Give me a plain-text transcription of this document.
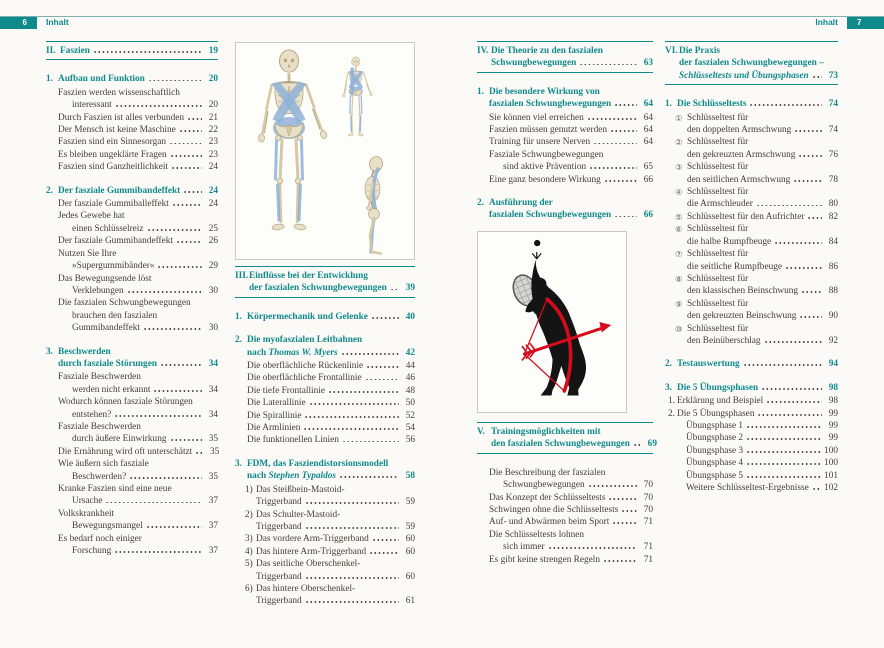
6 Inhalt	Inhalt 7
II. Faszien	19
1. Aufbau und Funktion	20
Faszien werden wissenschaftlich
interessant	20
Durch Faszien ist alles verbunden	21
Der Mensch ist keine Maschine	22
Faszien sind ein Sinnesorgan	23
Es bleiben ungeklärte Fragen	23
Faszien sind Ganzheitlichkeit	24
2. Der fasziale Gummibandeffekt	24
Der fasziale Gummiballeffekt	24
Jedes Gewebe hat
einen Schlüsselreiz	25
Der fasziale Gummibandeffekt	26
Nutzen Sie Ihre
»Supergummibänder«	29
Das Bewegungsende löst
Verklebungen	30
Die faszialen Schwungbewegungen
brauchen den faszialen
Gummibandeffekt	30
3. Beschwerden
durch fasziale Störungen	34
Fasziale Beschwerden
werden nicht erkannt	34
Wodurch können fasziale Störungen
entstehen?	34
Fasziale Beschwerden
durch äußere Einwirkung	35
Die Ernährung wird oft unterschätzt	35
Wie äußern sich fasziale
Beschwerden?	35
Kranke Faszien sind eine neue
Ursache	37
Volkskrankheit
Bewegungsmangel	37
Es bedarf noch einiger
Forschung	37
III. Einflüsse bei der Entwicklung
der faszialen Schwungbewegungen	39
1. Körpermechanik und Gelenke	40
2. Die myofaszialen Leitbahnen
nach Thomas W. Myers	42
Die oberflächliche Rückenlinie	44
Die oberflächliche Frontallinie	46
Die tiefe Frontallinie	48
Die Laterallinie	50
Die Spirallinie	52
Die Armlinien	54
Die funktionellen Linien	56
3. FDM, das Fasziendistorsionsmodell
nach Stephen Typaldos	58
1) Das Steißbein-Mastoid-
Triggerband	59
2) Das Schulter-Mastoid-
Triggerband	59
3) Das vordere Arm-Triggerband	60
4) Das hintere Arm-Triggerband	60
5) Das seitliche Oberschenkel-
Triggerband	60
6) Das hintere Oberschenkel-
Triggerband	61
IV. Die Theorie zu den faszialen
Schwungbewegungen	63
1. Die besondere Wirkung von
faszialen Schwungbewegungen	64
Sie können viel erreichen	64
Faszien müssen genutzt werden	64
Training für unsere Nerven	64
Fasziale Schwungbewegungen
sind aktive Prävention	65
Eine ganz besondere Wirkung	66
2. Ausführung der
faszialen Schwungbewegungen	66
V. Trainingsmöglichkeiten mit
den faszialen Schwungbewegungen	69
Die Beschreibung der faszialen
Schwungbewegungen	70
Das Konzept der Schlüsseltests	70
Schwingen ohne die Schlüsseltests	70
Auf- und Abwärmen beim Sport	71
Die Schlüsseltests lohnen
sich immer	71
Es gibt keine strengen Regeln	71
VI. Die Praxis
der faszialen Schwungbewegungen –
Schlüsseltests und Übungsphasen	73
1. Die Schlüsseltests	74
① Schlüsseltest für
den doppelten Armschwung	74
② Schlüsseltest für
den gekreuzten Armschwung	76
③ Schlüsseltest für
den seitlichen Armschwung	78
④ Schlüsseltest für
die Armschleuder	80
⑤ Schlüsseltest für den Aufrichter	82
⑥ Schlüsseltest für
die halbe Rumpfbeuge	84
⑦ Schlüsseltest für
die seitliche Rumpfbeuge	86
⑧ Schlüsseltest für
den klassischen Beinschwung	88
⑨ Schlüsseltest für
den gekreuzten Beinschwung	90
⑩ Schlüsseltest für
den Beinüberschlag	92
2. Testauswertung	94
3. Die 5 Übungsphasen	98
1. Erklärung und Beispiel	98
2. Die 5 Übungsphasen	99
Übungsphase 1	99
Übungsphase 2	99
Übungsphase 3	100
Übungsphase 4	100
Übungsphase 5	101
Weitere Schlüsseltest-Ergebnisse 102
